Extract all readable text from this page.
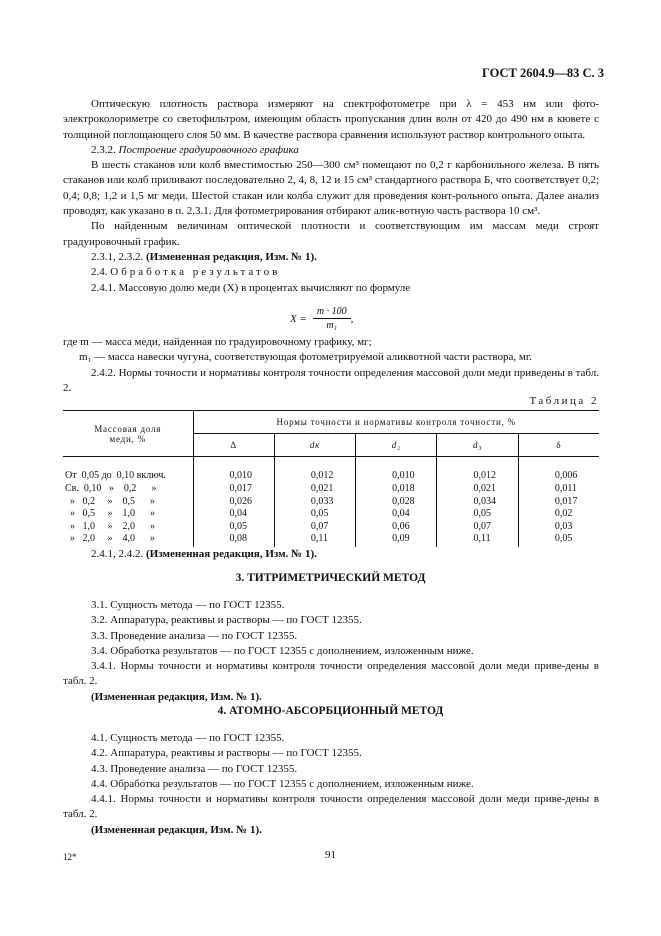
ГОСТ 2604.9—83 С. 3

Оптическую плотность раствора измеряют на спектрофотометре при λ = 453 нм или фото-электроколориметре со светофильтром, имеющим область пропускания длин волн от 420 до 490 нм в кювете с толщиной поглощающего слоя 50 мм. В качестве раствора сравнения используют раствор контрольного опыта.

2.3.2. Построение градуировочного графика

В шесть стаканов или колб вместимостью 250—300 см³ помещают по 0,2 г карбонильного железа. В пять стаканов или колб приливают последовательно 2, 4, 8, 12 и 15 см³ стандартного раствора Б, что соответствует 0,2; 0,4; 0,8; 1,2 и 1,5 мг меди. Шестой стакан или колба служит для проведения конт-рольного опыта. Далее анализ проводят, как указано в п. 2.3.1. Для фотометрирования отбирают алик-вотную часть раствора 10 см³.

По найденным величинам оптической плотности и соответствующим им массам меди строят градуировочный график.

2.3.1, 2.3.2. (Измененная редакция, Изм. № 1).

2.4. Обработка результатов

2.4.1. Массовую долю меди (X) в процентах вычисляют по формуле

$X = \frac{m \cdot 100}{\text{m₁}}$ ,

где m — масса меди, найденная по градуировочному графику, мг;

m₁ — масса навески чугуна, соответствующая фотометрируемой аликвотной части раствора, мг.

2.4.2. Нормы точности и нормативы контроля точности определения массовой доли меди приведены в табл. 2.

Таблица 2
Массовая доля меди, %	Нормы точности и нормативы контроля точности, %				
	Δ	dк	d₂	d₃	δ

От  0,05 до  0,10 включ.	0,010	0,012	0,010	0,012	0,006
Св.  0,10   »    0,2      »	0,017	0,021	0,018	0,021	0,011
»   0,2     »    0,5      »	0,026	0,033	0,028	0,034	0,017
»   0,5     »    1,0      »	0,04	0,05	0,04	0,05	0,02
»   1,0     »    2,0      »	0,05	0,07	0,06	0,07	0,03
»   2,0     »    4,0      »	0,08	0,11	0,09	0,11	0,05

2.4.1, 2.4.2. (Измененная редакция, Изм. № 1).

3. ТИТРИМЕТРИЧЕСКИЙ МЕТОД

3.1. Сущность метода — по ГОСТ 12355.

3.2. Аппаратура, реактивы и растворы — по ГОСТ 12355.

3.3. Проведение анализа — по ГОСТ 12355.

3.4. Обработка результатов — по ГОСТ 12355 с дополнением, изложенным ниже.

3.4.1. Нормы точности и нормативы контроля точности определения массовой доли меди приве-дены в табл. 2.

(Измененная редакция, Изм. № 1).

4. АТОМНО-АБСОРБЦИОННЫЙ МЕТОД

4.1. Сущность метода — по ГОСТ 12355.

4.2. Аппаратура, реактивы и растворы — по ГОСТ 12355.

4.3. Проведение анализа — по ГОСТ 12355.

4.4. Обработка результатов — по ГОСТ 12355 с дополнением, изложенным ниже.

4.4.1. Нормы точности и нормативы контроля точности определения массовой доли меди приве-дены в табл. 2.

(Измененная редакция, Изм. № 1).

12*	91
